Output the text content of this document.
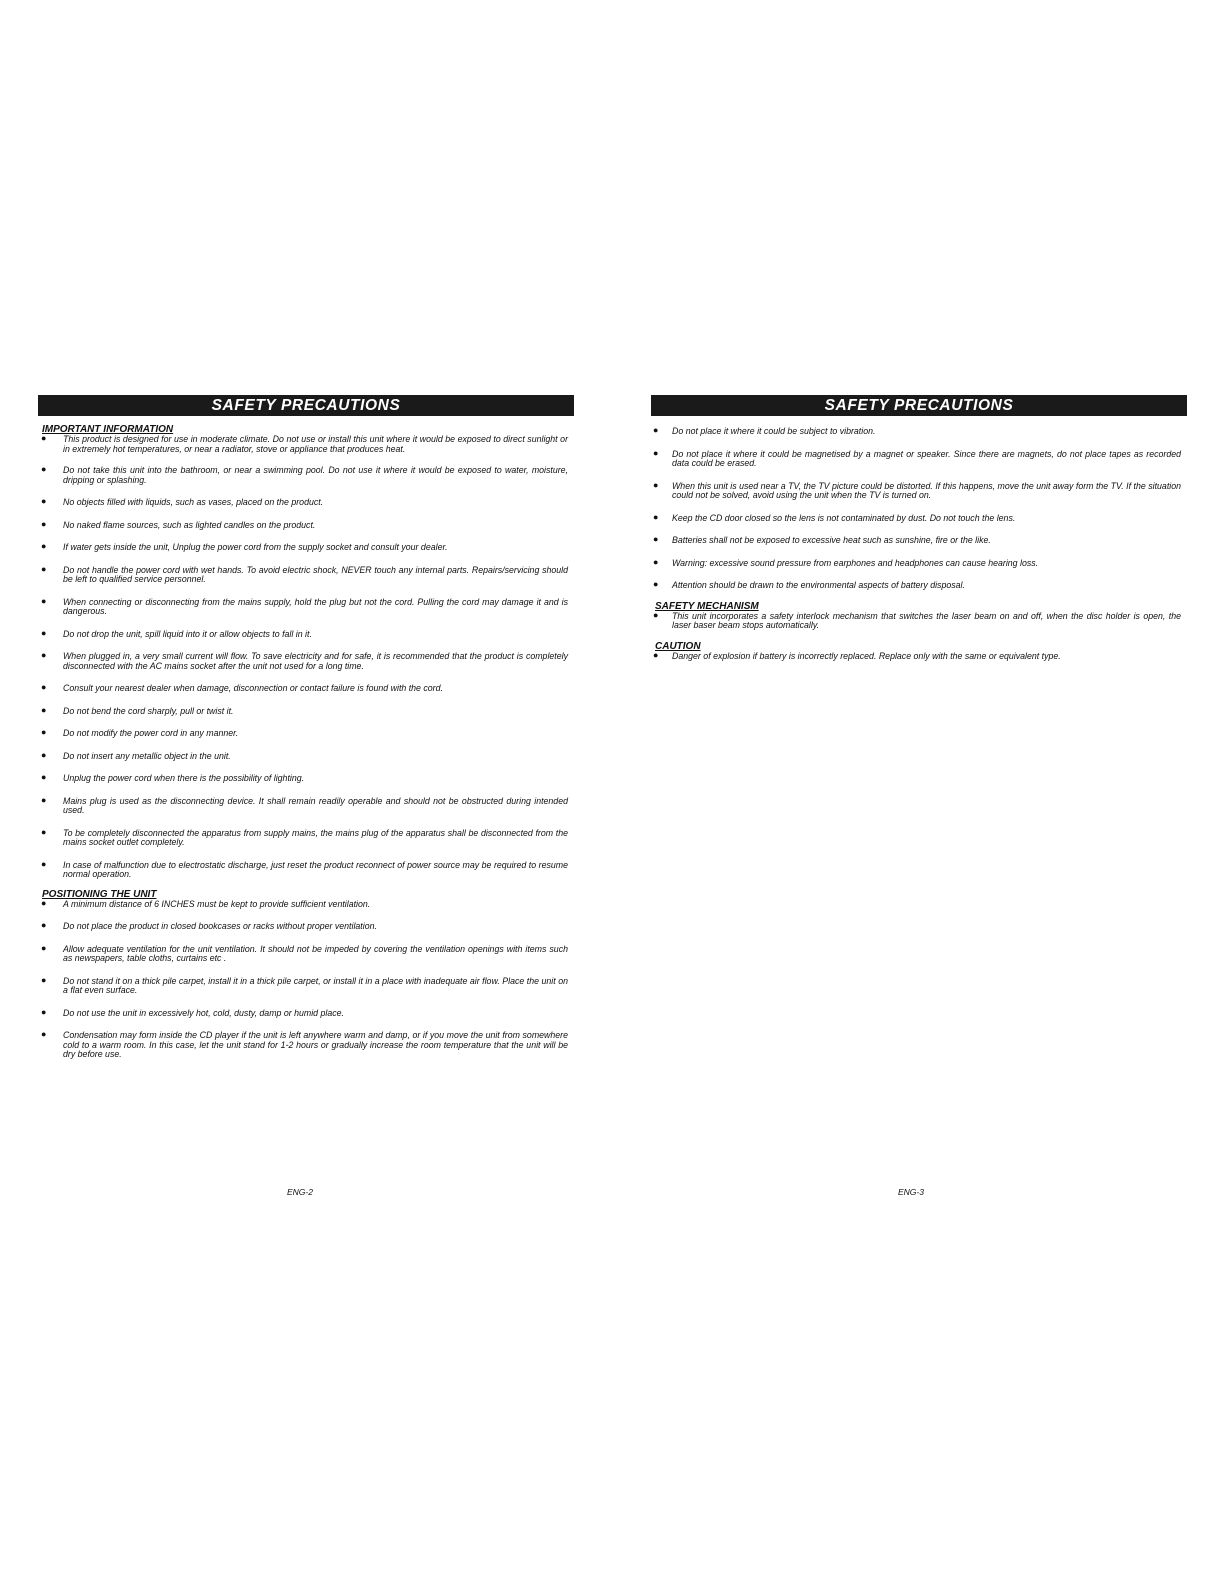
SAFETY PRECAUTIONS
IMPORTANT INFORMATION
● This product is designed for use in moderate climate. Do not use or install this unit where it would be exposed to direct sunlight or in extremely hot temperatures, or near a radiator, stove or appliance that produces heat.
● Do not take this unit into the bathroom, or near a swimming pool. Do not use it where it would be exposed to water, moisture, dripping or splashing.
● No objects filled with liquids, such as vases, placed on the product.
● No naked flame sources, such as lighted candles on the product.
● If water gets inside the unit, Unplug the power cord from the supply socket and consult your dealer.
● Do not handle the power cord with wet hands. To avoid electric shock, NEVER touch any internal parts. Repairs/servicing should be left to qualified service personnel.
● When connecting or disconnecting from the mains supply, hold the plug but not the cord. Pulling the cord may damage it and is dangerous.
● Do not drop the unit, spill liquid into it or allow objects to fall in it.
● When plugged in, a very small current will flow. To save electricity and for safe, it is recommended that the product is completely disconnected with the AC mains socket after the unit not used for a long time.
● Consult your nearest dealer when damage, disconnection or contact failure is found with the cord.
● Do not bend the cord sharply, pull or twist it.
● Do not modify the power cord in any manner.
● Do not insert any metallic object in the unit.
● Unplug the power cord when there is the possibility of lighting.
● Mains plug is used as the disconnecting device. It shall remain readily operable and should not be obstructed during intended used.
● To be completely disconnected the apparatus from supply mains, the mains plug of the apparatus shall be disconnected from the mains socket outlet completely.
● In case of malfunction due to electrostatic discharge, just reset the product reconnect of power source may be required to resume normal operation.
POSITIONING THE UNIT
● A minimum distance of 6 INCHES must be kept to provide sufficient ventilation.
● Do not place the product in closed bookcases or racks without proper ventilation.
● Allow adequate ventilation for the unit ventilation. It should not be impeded by covering the ventilation openings with items such as newspapers, table cloths, curtains etc .
● Do not stand it on a thick pile carpet, install it in a thick pile carpet, or install it in a place with inadequate air flow. Place the unit on a flat even surface.
● Do not use the unit in excessively hot, cold, dusty, damp or humid place.
● Condensation may form inside the CD player if the unit is left anywhere warm and damp, or if you move the unit from somewhere cold to a warm room. In this case, let the unit stand for 1-2 hours or gradually increase the room temperature that the unit will be dry before use.
ENG-2
SAFETY PRECAUTIONS
● Do not place it where it could be subject to vibration.
● Do not place it where it could be magnetised by a magnet or speaker. Since there are magnets, do not place tapes as recorded data could be erased.
● When this unit is used near a TV, the TV picture could be distorted. If this happens, move the unit away form the TV. If the situation could not be solved, avoid using the unit when the TV is turned on.
● Keep the CD door closed so the lens is not contaminated by dust. Do not touch the lens.
● Batteries shall not be exposed to excessive heat such as sunshine, fire or the like.
● Warning: excessive sound pressure from earphones and headphones can cause hearing loss.
● Attention should be drawn to the environmental aspects of battery disposal.
SAFETY MECHANISM
● This unit incorporates a safety interlock mechanism that switches the laser beam on and off, when the disc holder is open, the laser baser beam stops automatically.
CAUTION
● Danger of explosion if battery is incorrectly replaced. Replace only with the same or equivalent type.
ENG-3
